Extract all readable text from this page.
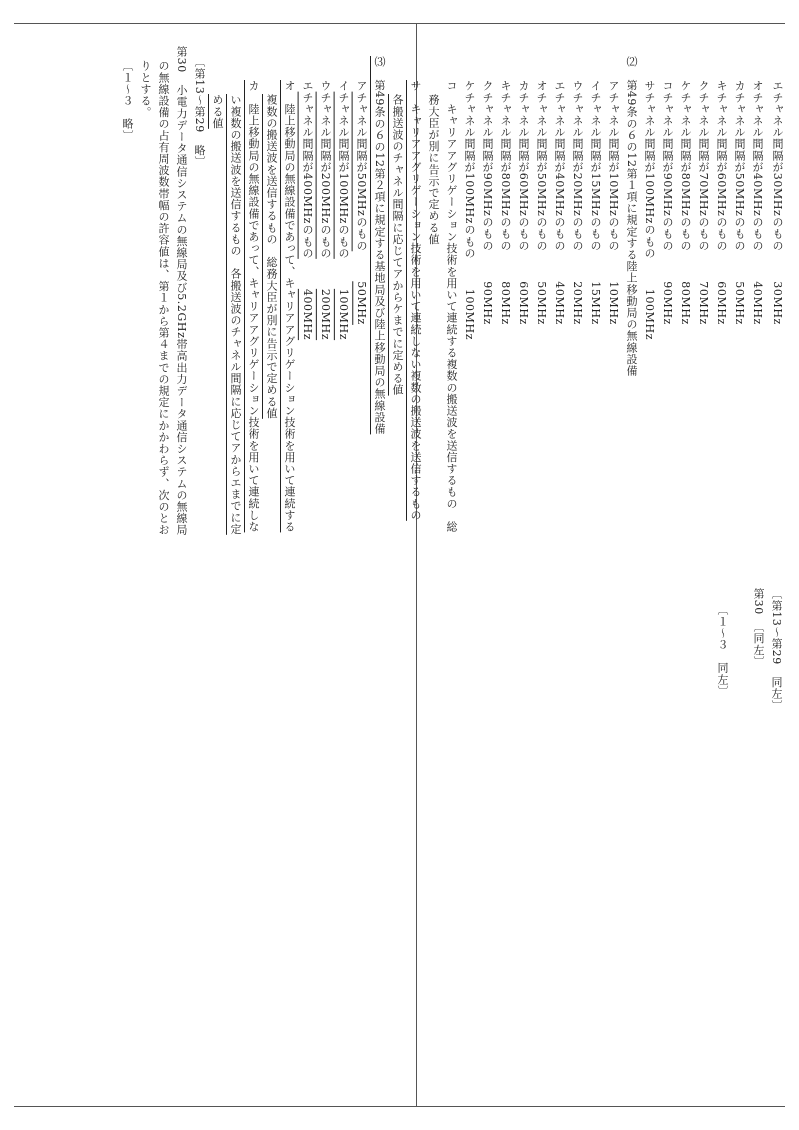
エチャネル間隔が30MHzのもの30MHz
オチャネル間隔が40MHzのもの40MHz
カチャネル間隔が50MHzのもの50MHz
キチャネル間隔が60MHzのもの60MHz
クチャネル間隔が70MHzのもの70MHz
ケチャネル間隔が80MHzのもの80MHz
コチャネル間隔が90MHzのもの90MHz
サチャネル間隔が100MHzのもの100MHz
⑵　第49条の６の12第１項に規定する陸上移動局の無線設備
アチャネル間隔が10MHzのもの10MHz
イチャネル間隔が15MHzのもの15MHz
ウチャネル間隔が20MHzのもの20MHz
エチャネル間隔が40MHzのもの40MHz
オチャネル間隔が50MHzのもの50MHz
カチャネル間隔が60MHzのもの60MHz
キチャネル間隔が80MHzのもの80MHz
クチャネル間隔が90MHzのもの90MHz
ケチャネル間隔が100MHzのもの100MHz
コ　キャリアアグリゲーション技術を用いて連続する複数の搬送波を送信するもの　総
務大臣が別に告示で定める値
サ　キャリアアグリゲーション技術を用いて連続しない複数の搬送波を送信するもの
各搬送波のチャネル間隔に応じてアからケまでに定める値
⑶　第49条の６の12第２項に規定する基地局及び陸上移動局の無線設備
アチャネル間隔が50MHzのもの50MHz
イチャネル間隔が100MHzのもの100MHz
ウチャネル間隔が200MHzのもの200MHz
エチャネル間隔が400MHzのもの400MHz
オ　陸上移動局の無線設備であって、キャリアアグリゲーション技術を用いて連続する
複数の搬送波を送信するもの　総務大臣が別に告示で定める値
カ　陸上移動局の無線設備であって、キャリアアグリゲーション技術を用いて連続しな
い複数の搬送波を送信するもの　各搬送波のチャネル間隔に応じてアからエまでに定
める値
〔第13〜第29　略〕
第30　小電力データ通信システムの無線局及び5.2GHz帯高出力データ通信システムの無線局
の無線設備の占有周波数帯幅の許容値は、第１から第４までの規定にかかわらず、次のとお
りとする。
〔１〜３　略〕
〔第13〜第29　同左〕
第30　〔同左〕
〔１〜３　同左〕
